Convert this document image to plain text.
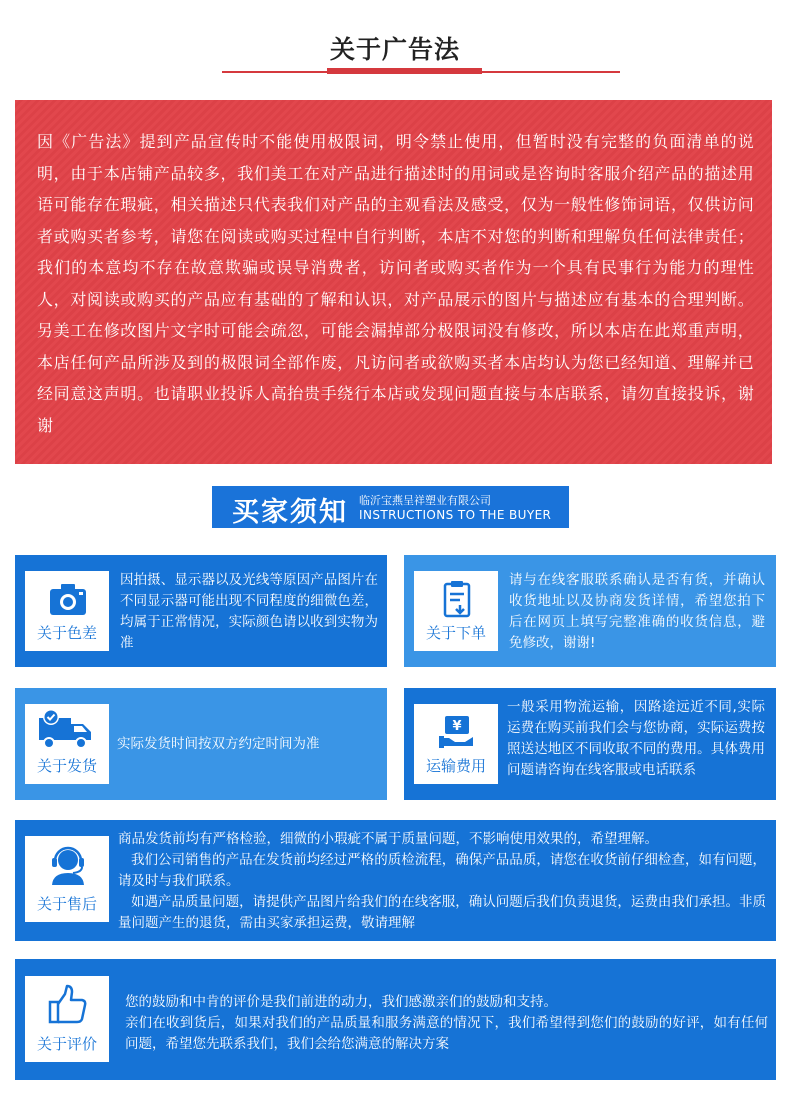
关于广告法

因《广告法》提到产品宣传时不能使用极限词，明令禁止使用，但暂时没有完整的负面清单的说明，由于本店铺产品较多，我们美工在对产品进行描述时的用词或是咨询时客服介绍产品的描述用语可能存在瑕疵，相关描述只代表我们对产品的主观看法及感受，仅为一般性修饰词语，仅供访问者或购买者参考，请您在阅读或购买过程中自行判断，本店不对您的判断和理解负任何法律责任；我们的本意均不存在故意欺骗或误导消费者，访问者或购买者作为一个具有民事行为能力的理性人，对阅读或购买的产品应有基础的了解和认识，对产品展示的图片与描述应有基本的合理判断。另美工在修改图片文字时可能会疏忽，可能会漏掉部分极限词没有修改，所以本店在此郑重声明，本店任何产品所涉及到的极限词全部作废，凡访问者或欲购买者本店均认为您已经知道、理解并已经同意这声明。也请职业投诉人高抬贵手绕行本店或发现问题直接与本店联系，请勿直接投诉，谢谢

买家须知 临沂宝燕呈祥塑业有限公司
INSTRUCTIONS TO THE BUYER
关于色差
因拍摄、显示器以及光线等原因产品图片在不同显示器可能出现不同程度的细微色差，均属于正常情况，实际颜色请以收到实物为准
关于下单
请与在线客服联系确认是否有货，并确认收货地址以及协商发货详情，希望您拍下后在网页上填写完整准确的收货信息，避免修改，谢谢!
关于发货
实际发货时间按双方约定时间为准
¥
运输费用
一般采用物流运输，因路途远近不同,实际运费在购买前我们会与您协商，实际运费按照送达地区不同收取不同的费用。具体费用问题请咨询在线客服或电话联系
关于售后
商品发货前均有严格检验，细微的小瑕疵不属于质量问题，不影响使用效果的，希望理解。
我们公司销售的产品在发货前均经过严格的质检流程，确保产品品质，请您在收货前仔细检查，如有问题，请及时与我们联系。
如遇产品质量问题，请提供产品图片给我们的在线客服，确认问题后我们负责退货，运费由我们承担。非质量问题产生的退货，需由买家承担运费，敬请理解
关于评价
您的鼓励和中肯的评价是我们前进的动力，我们感激亲们的鼓励和支持。
亲们在收到货后，如果对我们的产品质量和服务满意的情况下，我们希望得到您们的鼓励的好评，如有任何问题，希望您先联系我们，我们会给您满意的解决方案
